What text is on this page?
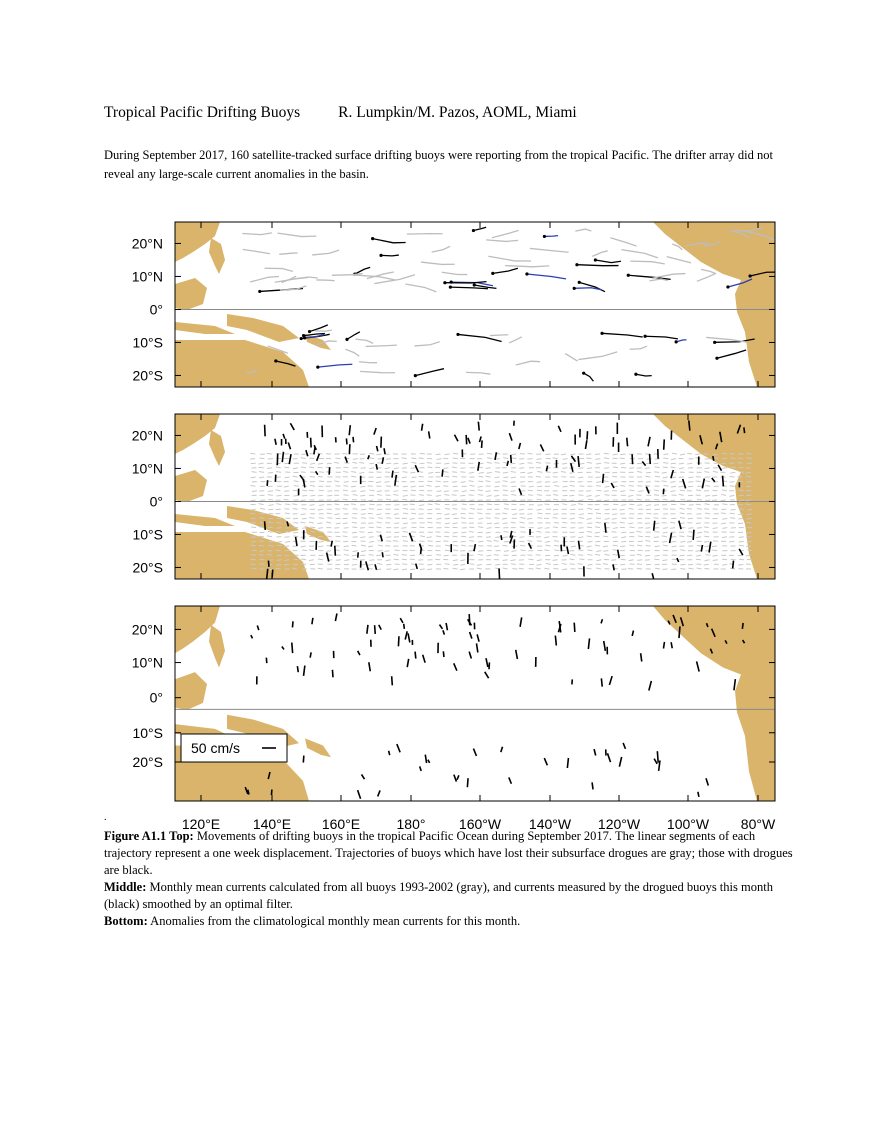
Tropical Pacific Drifting Buoys R. Lumpkin/M. Pazos, AOML, Miami
During September 2017, 160 satellite-tracked surface drifting buoys were reporting from the tropical Pacific. The drifter array did not reveal any large-scale current anomalies in the basin.
20°N
10°N
0°
10°S
20°S
20°N
10°N
0°
10°S
20°S
20°N
10°N
0°
10°S
20°S
50 cm/s
120°E 140°E 160°E	180° 160°W 140°W 120°W 100°W 80°W
.

Figure A1.1 Top: Movements of drifting buoys in the tropical Pacific Ocean during September 2017. The linear segments of each trajectory represent a one week displacement. Trajectories of buoys which have lost their subsurface drogues are gray; those with drogues are black.

Middle: Monthly mean currents calculated from all buoys 1993-2002 (gray), and currents measured by the drogued buoys this month (black) smoothed by an optimal filter.

Bottom: Anomalies from the climatological monthly mean currents for this month.
